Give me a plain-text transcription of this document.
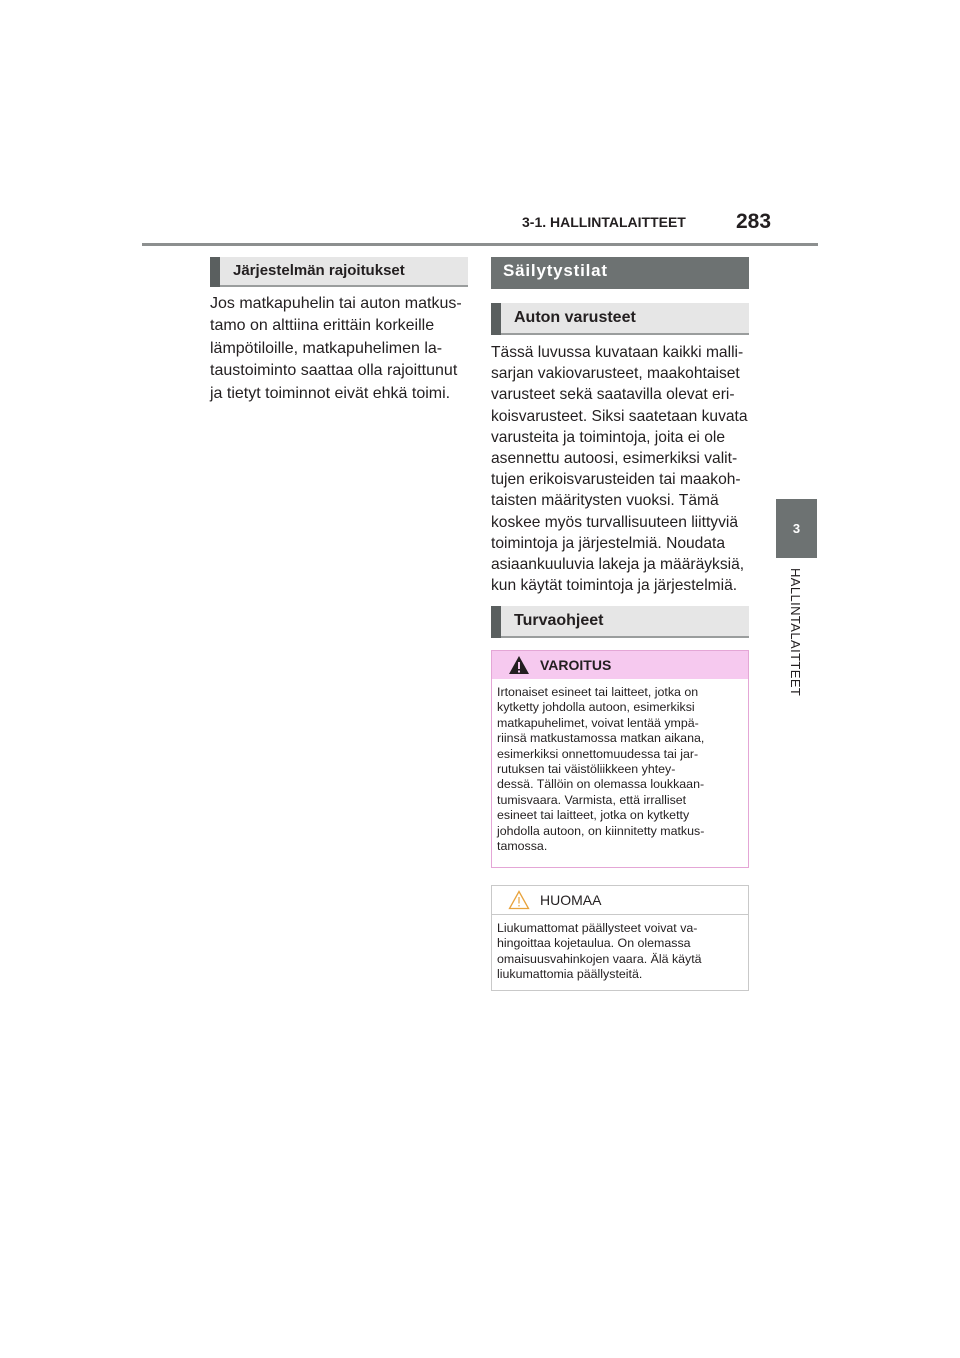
3-1. HALLINTALAITTEET 283
3
HALLINTALAITTEET
Järjestelmän rajoitukset
Jos matkapuhelin tai auton matkus-
tamo on alttiina erittäin korkeille
lämpötiloille, matkapuhelimen la-
taustoiminto saattaa olla rajoittunut
ja tietyt toiminnot eivät ehkä toimi.
Säilytystilat
Auton varusteet
Tässä luvussa kuvataan kaikki malli-
sarjan vakiovarusteet, maakohtaiset
varusteet sekä saatavilla olevat eri-
koisvarusteet. Siksi saatetaan kuvata
varusteita ja toimintoja, joita ei ole
asennettu autoosi, esimerkiksi valit-
tujen erikoisvarusteiden tai maakoh-
taisten määritysten vuoksi. Tämä
koskee myös turvallisuuteen liittyviä
toimintoja ja järjestelmiä. Noudata
asiaankuuluvia lakeja ja määräyksiä,
kun käytät toimintoja ja järjestelmiä.
Turvaohjeet
VAROITUS
Irtonaiset esineet tai laitteet, jotka on
kytketty johdolla autoon, esimerkiksi
matkapuhelimet, voivat lentää ympä-
riinsä matkustamossa matkan aikana,
esimerkiksi onnettomuudessa tai jar-
rutuksen tai väistöliikkeen yhtey-
dessä. Tällöin on olemassa loukkaan-
tumisvaara. Varmista, että irralliset
esineet tai laitteet, jotka on kytketty
johdolla autoon, on kiinnitetty matkus-
tamossa.
HUOMAA
Liukumattomat päällysteet voivat va-
hingoittaa kojetaulua. On olemassa
omaisuusvahinkojen vaara. Älä käytä
liukumattomia päällysteitä.
